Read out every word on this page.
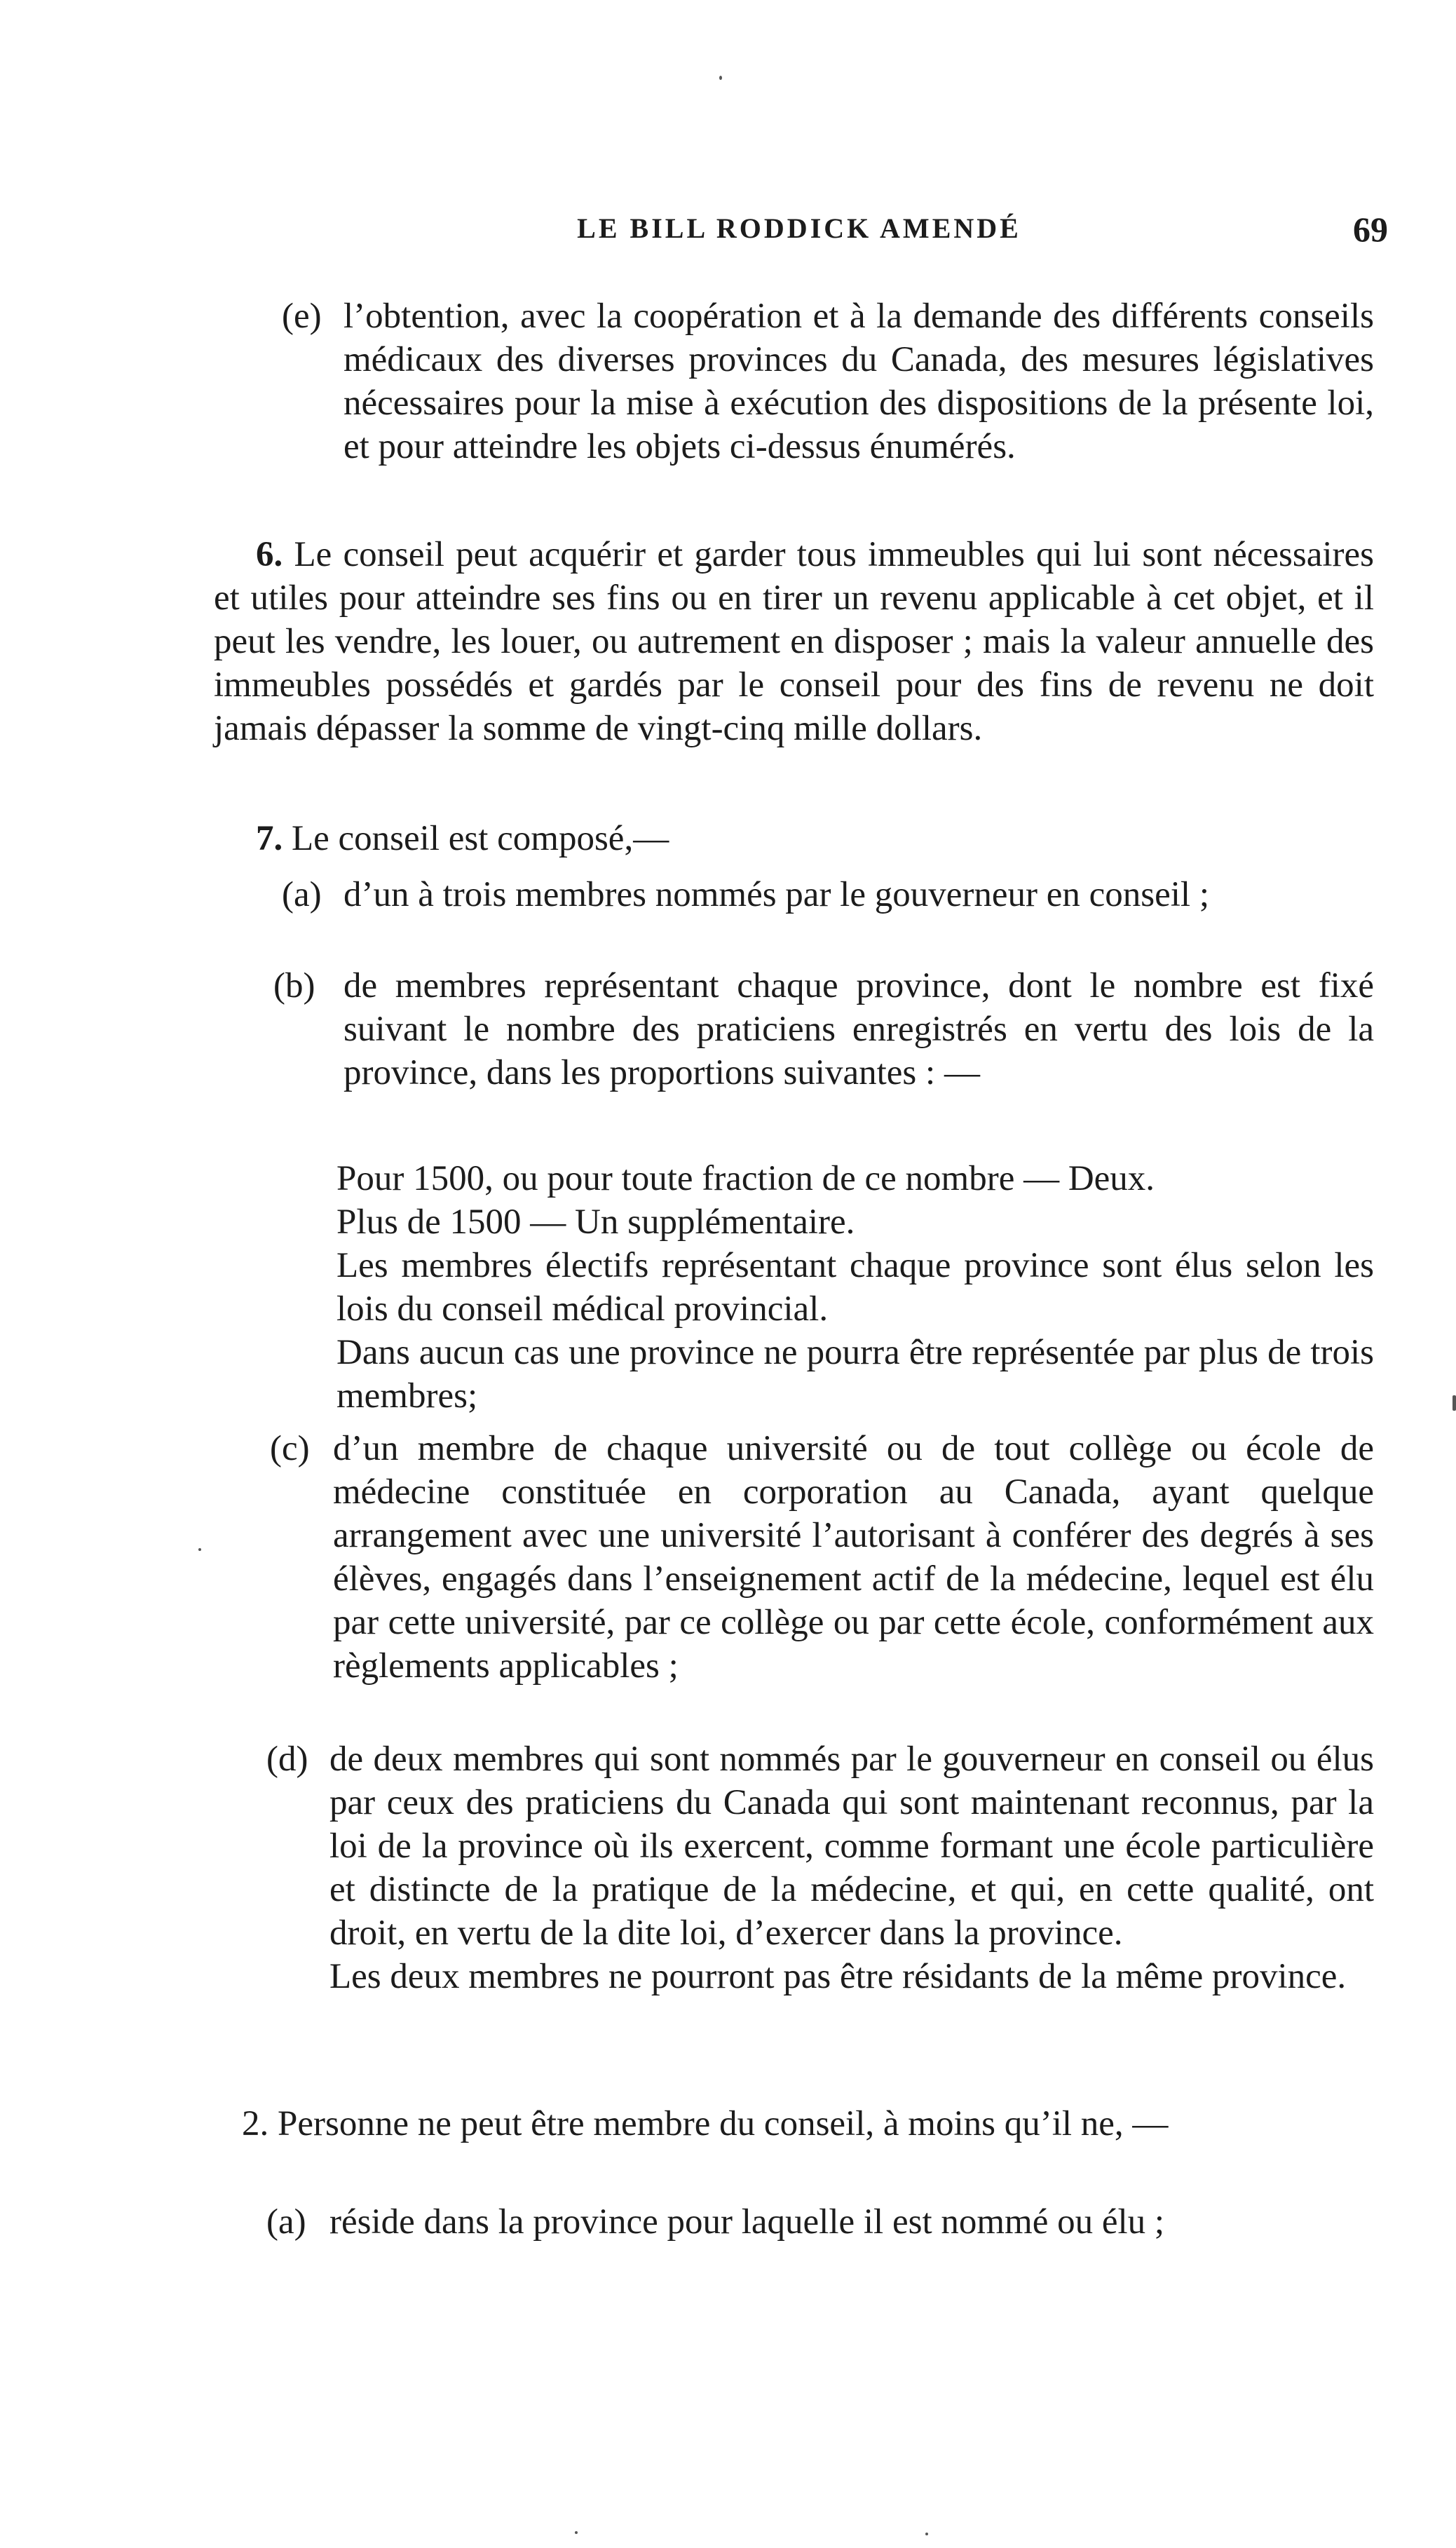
LE BILL RODDICK AMENDÉ	69
(e) l’obtention, avec la coopération et à la demande des différents conseils médicaux des diverses provinces du Canada, des mesures législatives nécessaires pour la mise à exécution des dispositions de la présente loi, et pour atteindre les objets ci-dessus énumérés.
6. Le conseil peut acquérir et garder tous immeubles qui lui sont nécessaires et utiles pour atteindre ses fins ou en tirer un revenu applicable à cet objet, et il peut les vendre, les louer, ou autrement en disposer ; mais la valeur annuelle des immeubles possédés et gardés par le conseil pour des fins de revenu ne doit jamais dépasser la somme de vingt-cinq mille dollars.
7. Le conseil est composé,—
(a) d’un à trois membres nommés par le gouverneur en conseil ;
(b) de membres représentant chaque province, dont le nombre est fixé suivant le nombre des praticiens enregistrés en vertu des lois de la province, dans les proportions suivantes : —
Pour 1500, ou pour toute fraction de ce nombre — Deux.
Plus de 1500 — Un supplémentaire.
Les membres électifs représentant chaque province sont élus selon les lois du conseil médical provincial.
Dans aucun cas une province ne pourra être représentée par plus de trois membres;
(c) d’un membre de chaque université ou de tout collège ou école de médecine constituée en corporation au Canada, ayant quelque arrangement avec une université l’autorisant à conférer des degrés à ses élèves, engagés dans l’enseignement actif de la médecine, lequel est élu par cette université, par ce collège ou par cette école, conformément aux règlements applicables ;
(d) de deux membres qui sont nommés par le gouverneur en conseil ou élus par ceux des praticiens du Canada qui sont maintenant reconnus, par la loi de la province où ils exercent, comme formant une école particulière et distincte de la pratique de la médecine, et qui, en cette qualité, ont droit, en vertu de la dite loi, d’exercer dans la province.
Les deux membres ne pourront pas être résidants de la même province.
2. Personne ne peut être membre du conseil, à moins qu’il ne, —
(a) réside dans la province pour laquelle il est nommé ou élu ;
